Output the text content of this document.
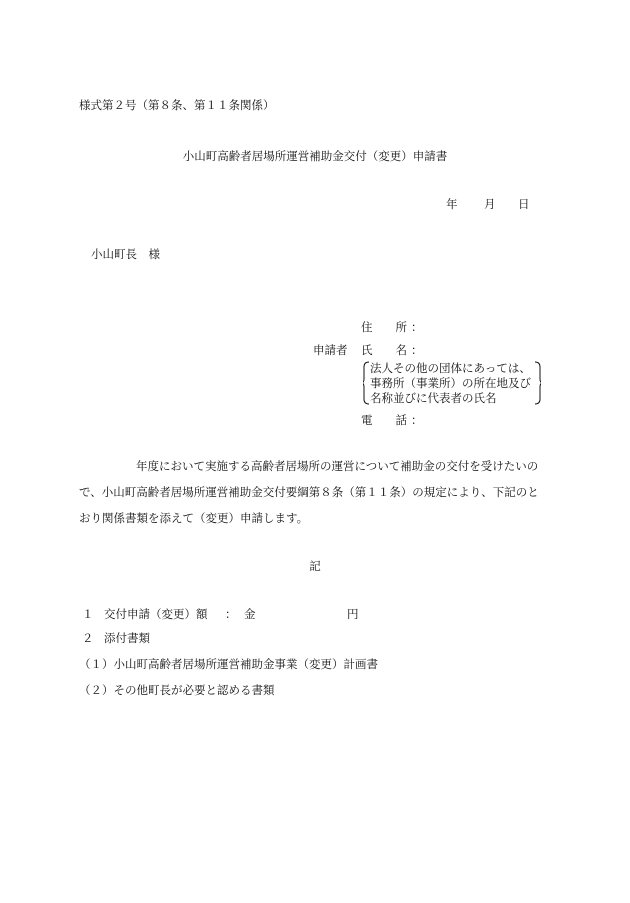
様式第２号（第８条、第１１条関係）
小山町高齢者居場所運営補助金交付（変更）申請書
年 月 日
小山町長　様
住　　所 ：
申請者 氏　　名 ：
法人その他の団体にあっては、
事務所（事業所）の所在地及び
名称並びに代表者の氏名
電　　話 ：
年度において実施する高齢者居場所の運営について補助金の交付を受けたいの
で、小山町高齢者居場所運営補助金交付要綱第８条（第１１条）の規定により、下記のと
おり関係書類を添えて（変更）申請します。
記
１ 交付申請（変更）額 ： 金	円
２ 添付書類
（１）小山町高齢者居場所運営補助金事業（変更）計画書
（２）その他町長が必要と認める書類
